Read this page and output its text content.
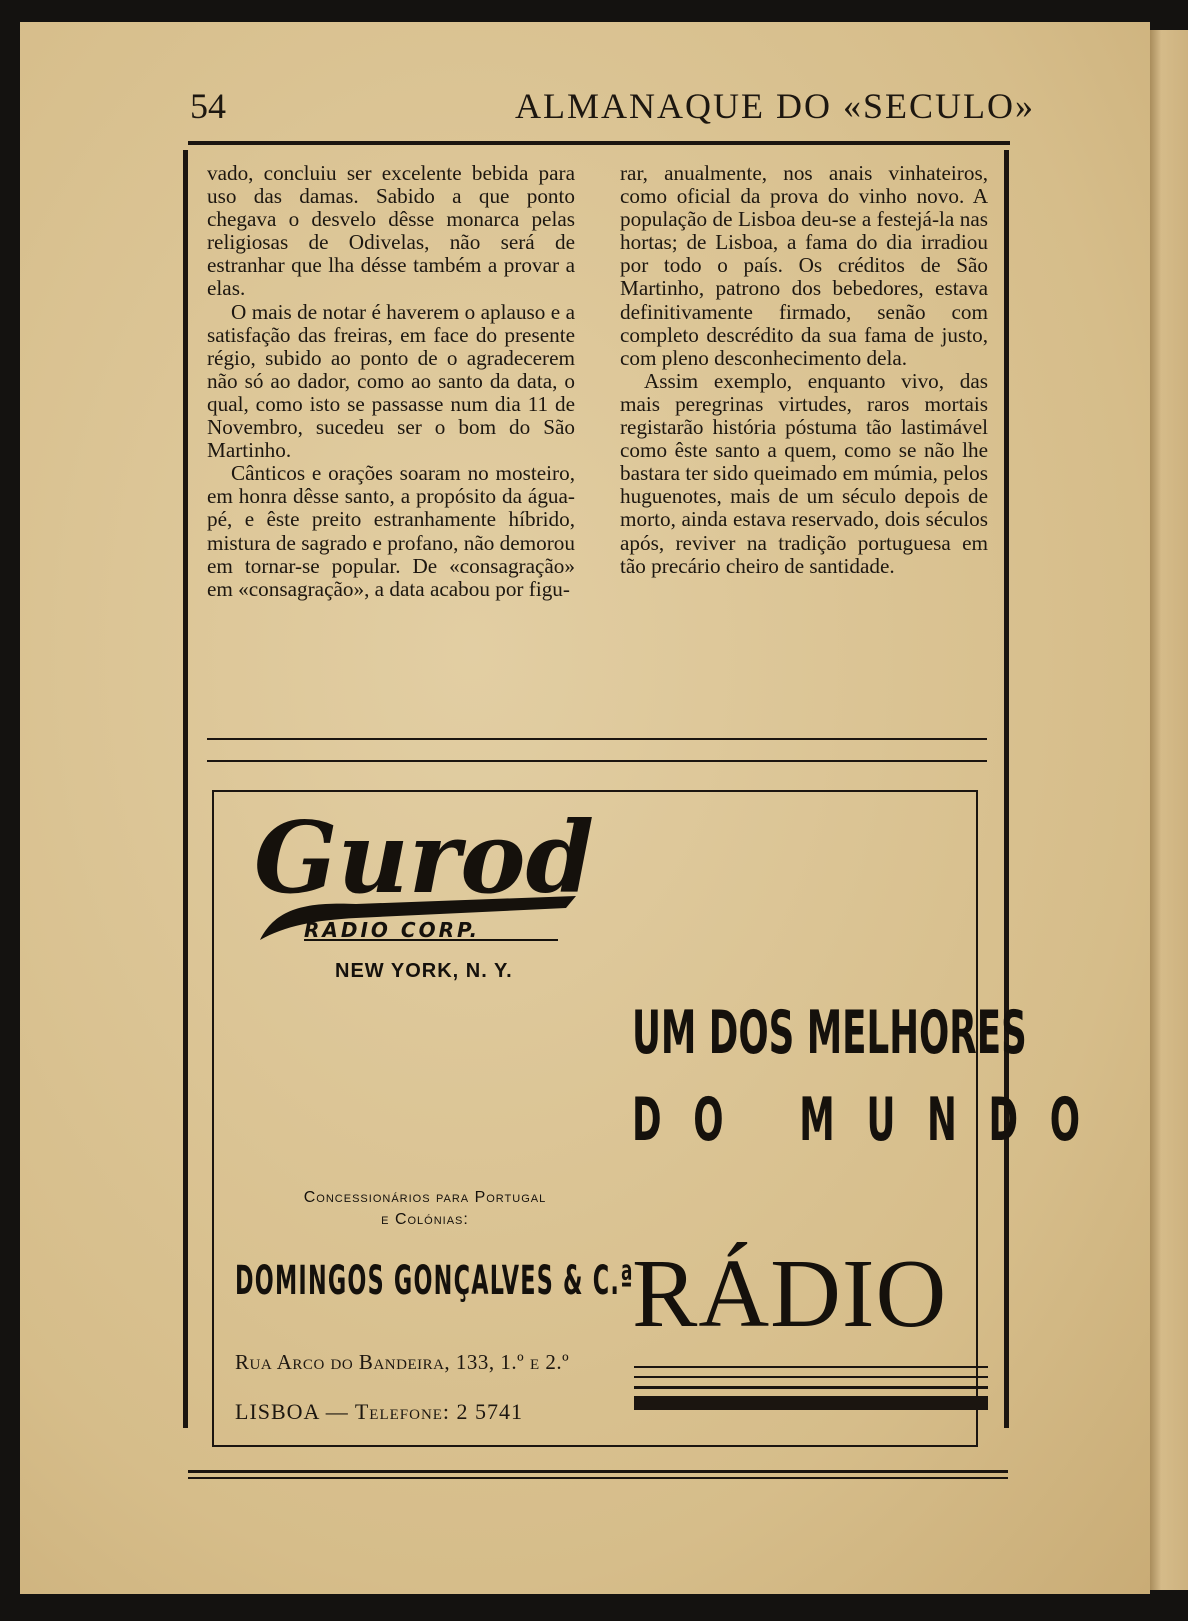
54	ALMANAQUE DO «SECULO»

vado, concluiu ser excelente bebida para uso das damas. Sabido a que ponto chegava o desvelo dêsse monarca pelas religiosas de Odivelas, não será de estranhar que lha désse também a provar a elas.

O mais de notar é haverem o aplauso e a satisfação das freiras, em face do presente régio, subido ao ponto de o agradecerem não só ao dador, como ao santo da data, o qual, como isto se passasse num dia 11 de Novembro, sucedeu ser o bom do São Martinho.

Cânticos e orações soaram no mosteiro, em honra dêsse santo, a propósito da água-pé, e êste preito estranhamente híbrido, mistura de sagrado e profano, não demorou em tornar-se popular. De «consagração» em «consagração», a data acabou por figu-

rar, anualmente, nos anais vinhateiros, como oficial da prova do vinho novo. A população de Lisboa deu-se a festejá-la nas hortas; de Lisboa, a fama do dia irradiou por todo o país. Os créditos de São Martinho, patrono dos bebedores, estava definitivamente firmado, senão com completo descrédito da sua fama de justo, com pleno desconhecimento dela.

Assim exemplo, enquanto vivo, das mais peregrinas virtudes, raros mortais registarão história póstuma tão lastimável como êste santo a quem, como se não lhe bastara ter sido queimado em múmia, pelos huguenotes, mais de um século depois de morto, ainda estava reservado, dois séculos após, reviver na tradição portuguesa em tão precário cheiro de santidade.

Gurod
RADIO CORP.
NEW YORK, N. Y.
UM DOS MELHORES
DO MUNDO
Concessionários para Portugal
e Colónias:
DOMINGOS GONÇALVES & C.ª
RÁDIO
Rua Arco do Bandeira, 133, 1.º e 2.º
LISBOA — Telefone: 2 5741
